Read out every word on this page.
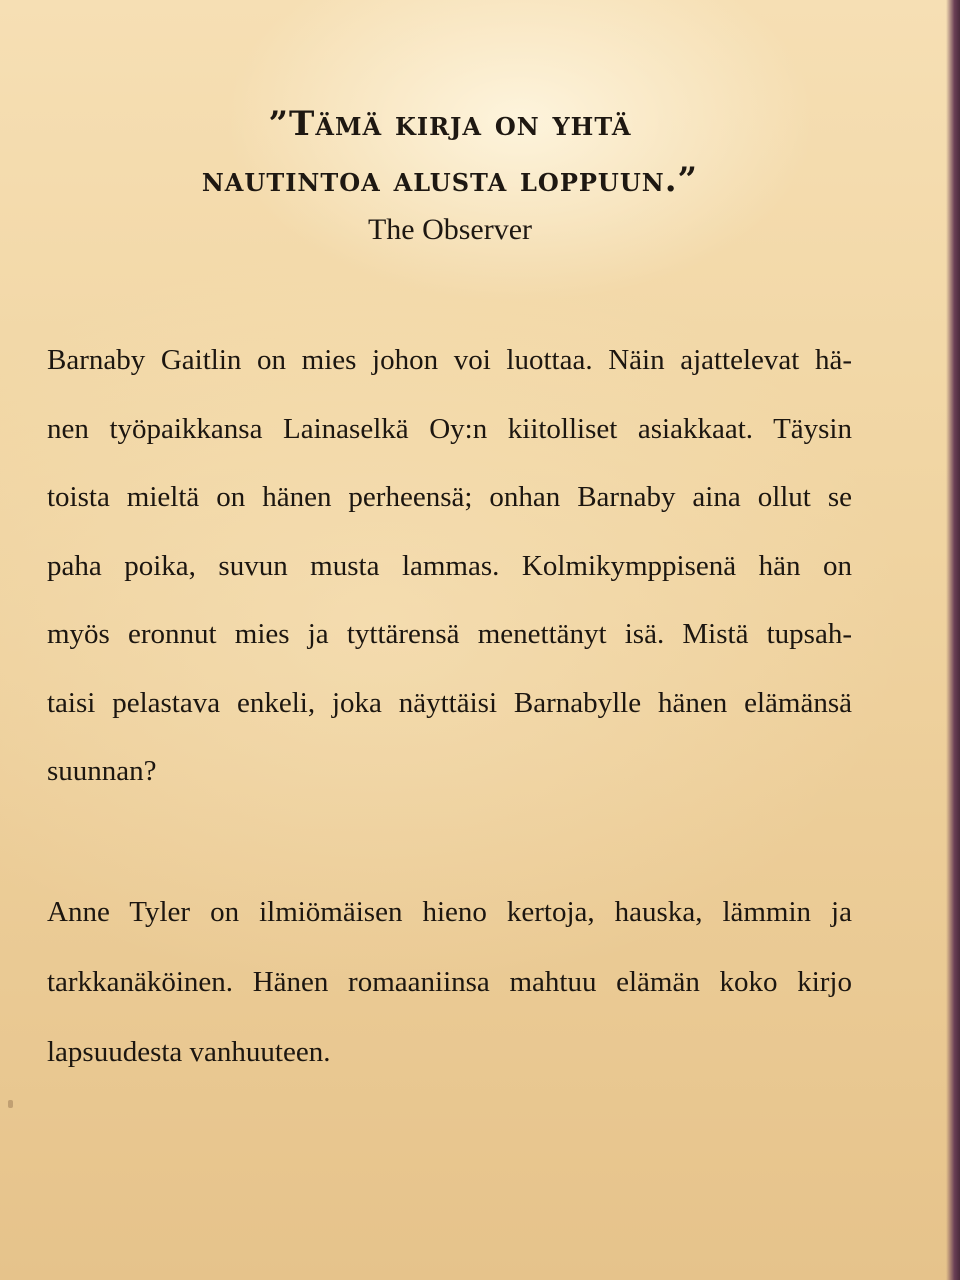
”Tämä kirja on yhtä
nautintoa alusta loppuun.”
The Observer
Barnaby Gaitlin on mies johon voi luottaa. Näin ajattelevat hä-
nen työpaikkansa Lainaselkä Oy:n kiitolliset asiakkaat. Täysin
toista mieltä on hänen perheensä; onhan Barnaby aina ollut se
paha poika, suvun musta lammas. Kolmikymppisenä hän on
myös eronnut mies ja tyttärensä menettänyt isä. Mistä tupsah-
taisi pelastava enkeli, joka näyttäisi Barnabylle hänen elämänsä
suunnan?
Anne Tyler on ilmiömäisen hieno kertoja, hauska, lämmin ja
tarkkanäköinen. Hänen romaaniinsa mahtuu elämän koko kirjo
lapsuudesta vanhuuteen.
